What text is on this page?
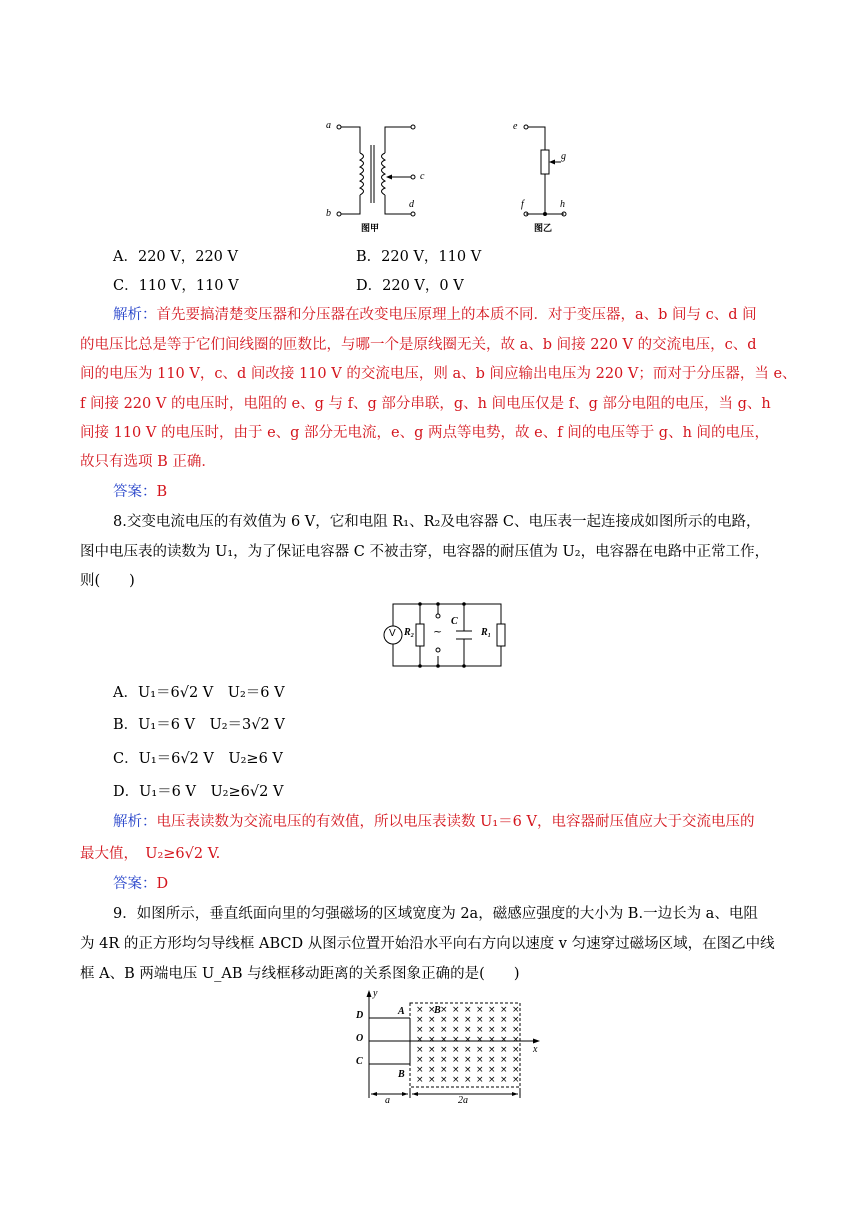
a
b
c
d
图甲
e
g
f	h
图乙
A．220 V，220 V	B．220 V，110 V
C．110 V，110 V	D．220 V，0 V
解析：首先要搞清楚变压器和分压器在改变电压原理上的本质不同．对于变压器，a、b 间与 c、d 间
的电压比总是等于它们间线圈的匝数比，与哪一个是原线圈无关，故 a、b 间接 220 V 的交流电压，c、d
间的电压为 110 V，c、d 间改接 110 V 的交流电压，则 a、b 间应输出电压为 220 V；而对于分压器，当 e、
f 间接 220 V 的电压时，电阻的 e、g 与 f、g 部分串联，g、h 间电压仅是 f、g 部分电阻的电压，当 g、h
间接 110 V 的电压时，由于 e、g 部分无电流，e、g 两点等电势，故 e、f 间的电压等于 g、h 间的电压，
故只有选项 B 正确．
答案：B
8.交变电流电压的有效值为 6 V，它和电阻 R₁、R₂及电容器 C、电压表一起连接成如图所示的电路，
图中电压表的读数为 U₁，为了保证电容器 C 不被击穿，电容器的耐压值为 U₂，电容器在电路中正常工作，
则(　　)
V R₂ ~
C
R₁
A．U₁＝6√2 V　U₂＝6 V
B．U₁＝6 V　U₂＝3√2 V
C．U₁＝6√2 V　U₂≥6 V
D．U₁＝6 V　U₂≥6√2 V
解析：电压表读数为交流电压的有效值，所以电压表读数 U₁＝6 V，电容器耐压值应大于交流电压的
最大值，　U₂≥6√2 V.
答案：D
9．如图所示，垂直纸面向里的匀强磁场的区域宽度为 2a，磁感应强度的大小为 B.一边长为 a、电阻
为 4R 的正方形均匀导线框 ABCD 从图示位置开始沿水平向右方向以速度 v 匀速穿过磁场区域，在图乙中线
框 A、B 两端电压 U_AB 与线框移动距离的关系图象正确的是(　　)
× × × × × × × × ×
× × × × × × × × ×
× × × × × × × × ×
× × × × × × × × ×
× × × × × × × × ×
× × × × × × × × ×
× × × × × × × × ×
× × × × × × × × ×
y
x
D
O
C
A
B
B
a	2a
